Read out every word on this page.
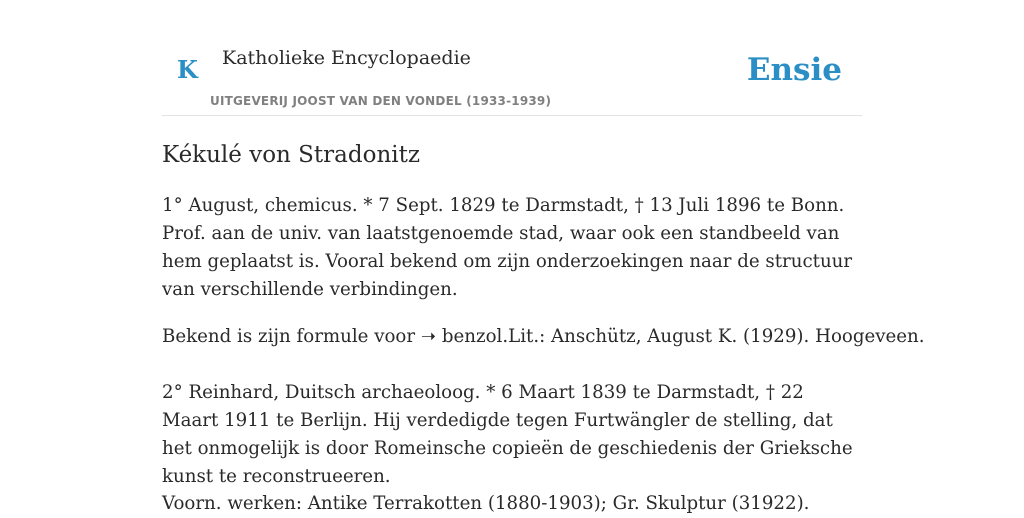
K Katholieke Encyclopaedie
UITGEVERIJ JOOST VAN DEN VONDEL (1933-1939)
Ensie
Kékulé von Stradonitz

1° August, chemicus. * 7 Sept. 1829 te Darmstadt, † 13 Juli 1896 te Bonn. Prof. aan de univ. van laatstgenoemde stad, waar ook een standbeeld van hem geplaatst is. Vooral bekend om zijn onderzoekingen naar de structuur van verschillende verbindingen.

Bekend is zijn formule voor ➝ benzol.Lit.: Anschütz, August K. (1929). Hoogeveen.

2° Reinhard, Duitsch archaeoloog. * 6 Maart 1839 te Darmstadt, † 22 Maart 1911 te Berlijn. Hij verdedigde tegen Furtwängler de stelling, dat het onmogelijk is door Romeinsche copieën de geschiedenis der Grieksche kunst te reconstrueeren.

Voorn. werken: Antike Terrakotten (1880-1903); Gr. Skulptur (31922).
